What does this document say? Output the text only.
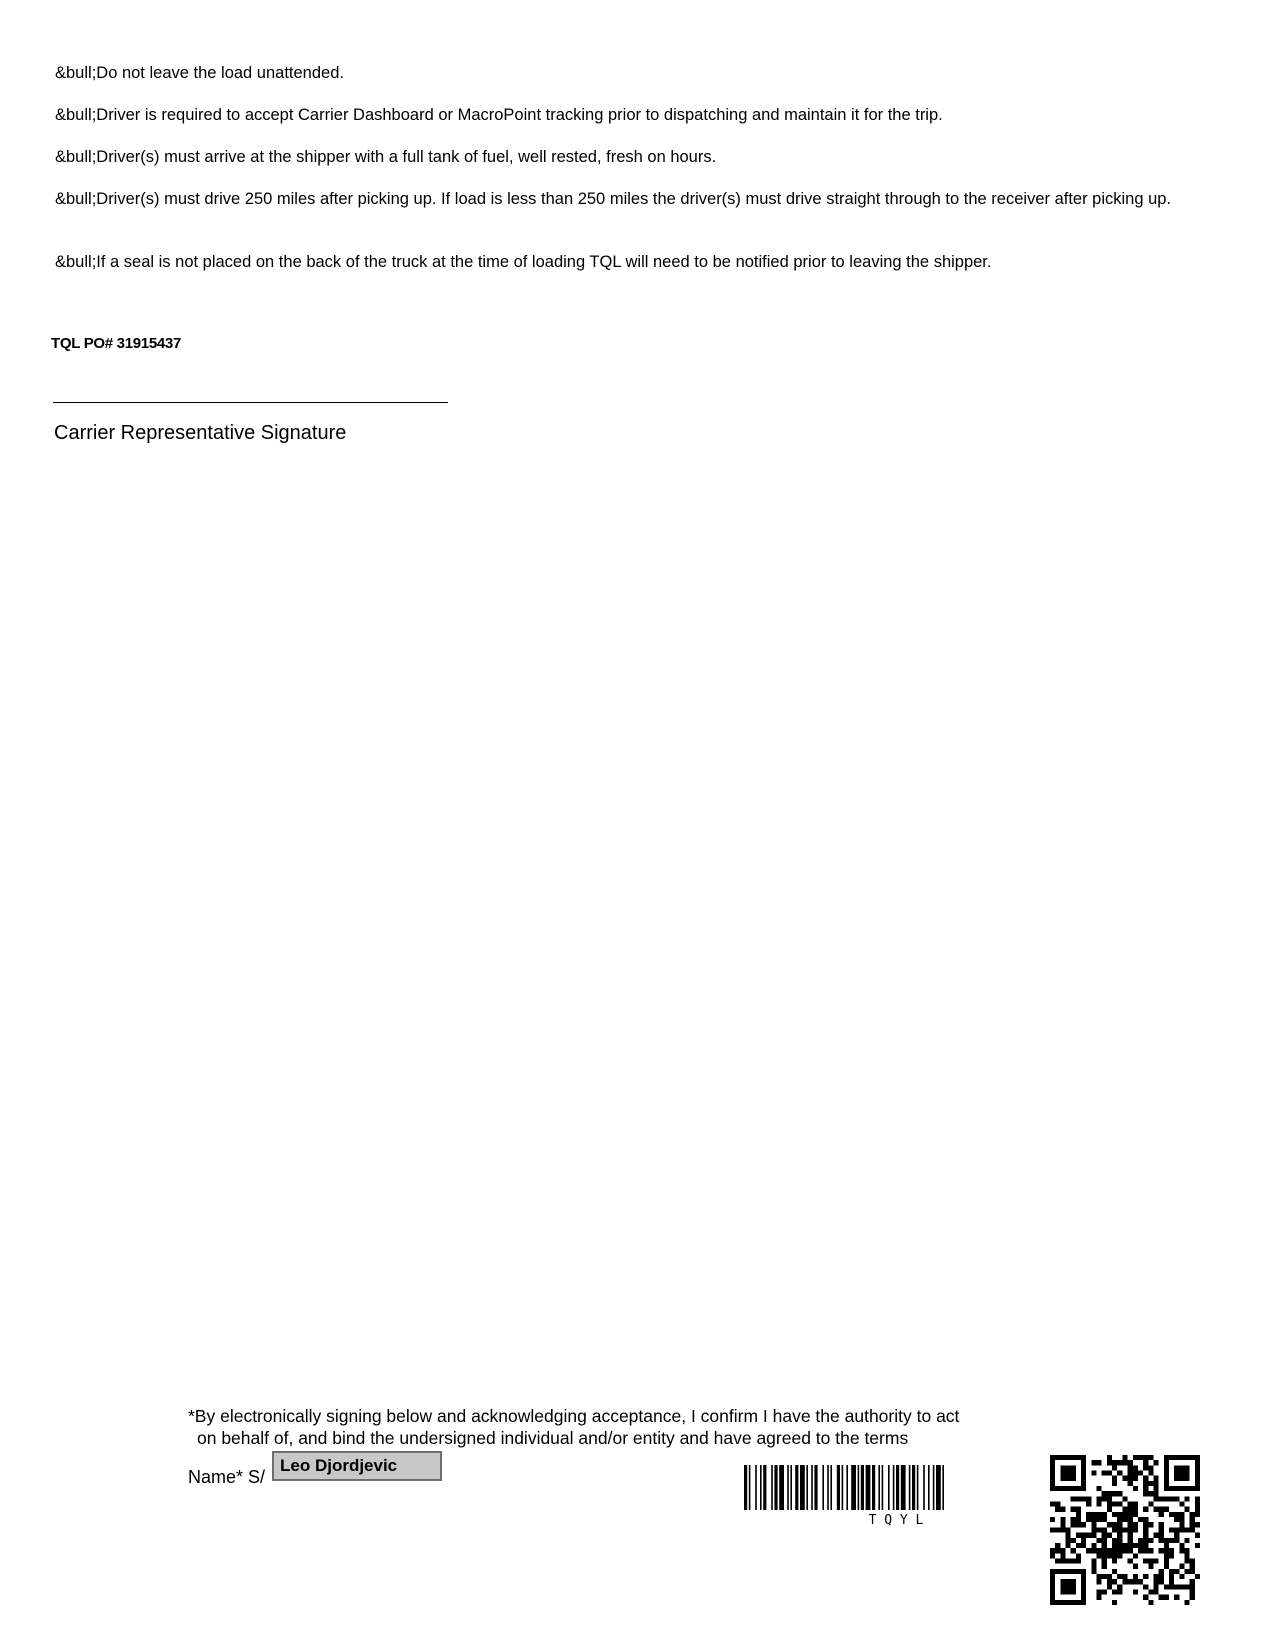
&bull;Do not leave the load unattended.

&bull;Driver is required to accept Carrier Dashboard or MacroPoint tracking prior to dispatching and maintain it for the trip.

&bull;Driver(s) must arrive at the shipper with a full tank of fuel, well rested, fresh on hours.

&bull;Driver(s) must drive 250 miles after picking up. If load is less than 250 miles the driver(s) must drive straight through to the receiver after picking up.

&bull;If a seal is not placed on the back of the truck at the time of loading TQL will need to be notified prior to leaving the shipper.

TQL PO# 31915437
Carrier Representative Signature

*By electronically signing below and acknowledging acceptance, I confirm I have the authority to act
on behalf of, and bind the undersigned individual and/or entity and have agreed to the terms

Name* S/
Leo Djordjevic
T Q Y L
